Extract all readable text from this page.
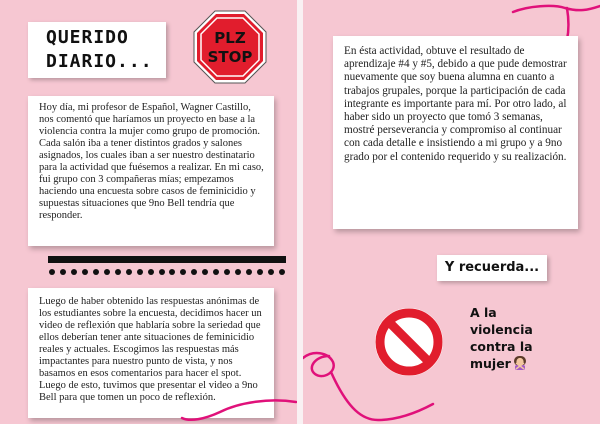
QUERIDO
DIARIO...
PLZ
STOP
Hoy día, mi profesor de Español, Wagner Castillo, nos comentó que haríamos un proyecto en base a la violencia contra la mujer como grupo de promoción. Cada salón iba a tener distintos grados y salones asignados, los cuales iban a ser nuestro destinatario para la actividad que fuésemos a realizar. En mi caso, fui grupo con 3 compañeras mías; empezamos haciendo una encuesta sobre casos de feminicidio y supuestas situaciones que 9no Bell tendría que responder.
Luego de haber obtenido las respuestas anónimas de los estudiantes sobre la encuesta, decidimos hacer un video de reflexión que hablaría sobre la seriedad que ellos deberían tener ante situaciones de feminicidio reales y actuales. Escogimos las respuestas más impactantes para nuestro punto de vista, y nos basamos en esos comentarios para hacer el spot. Luego de esto, tuvimos que presentar el video a 9no Bell para que tomen un poco de reflexión.
En ésta actividad, obtuve el resultado de aprendizaje #4 y #5, debido a que pude demostrar nuevamente que soy buena alumna en cuanto a trabajos grupales, porque la participación de cada integrante es importante para mí. Por otro lado, al haber sido un proyecto que tomó 3 semanas, mostré perseverancia y compromiso al continuar con cada detalle e insistiendo a mi grupo y a 9no grado por el contenido requerido y su realización.
Y recuerda...
A la
violencia
contra la
mujer
